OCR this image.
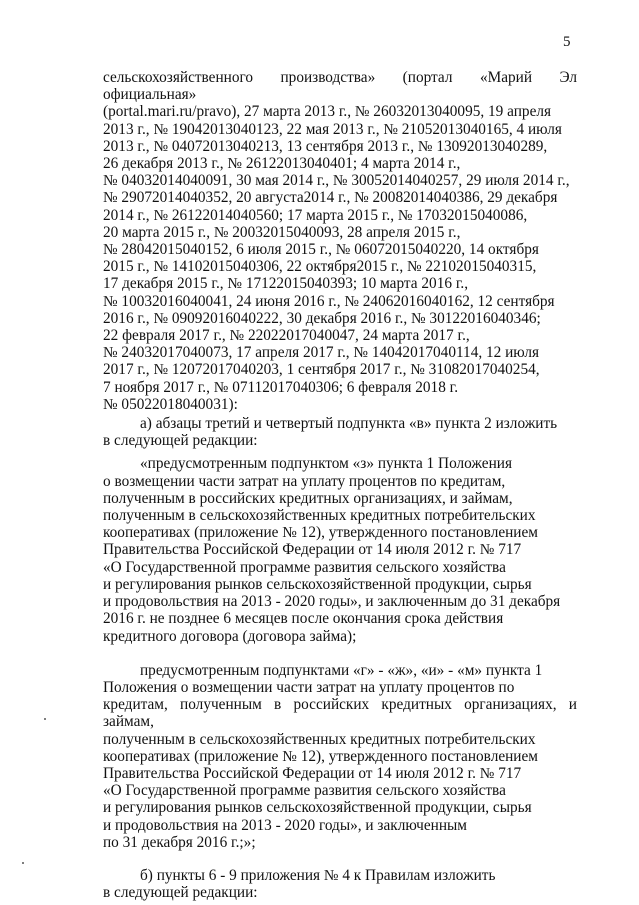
5

сельскохозяйственного производства» (портал «Марий Эл официальная»
(portal.mari.ru/pravo), 27 марта 2013 г., № 26032013040095, 19 апреля
2013 г., № 19042013040123, 22 мая 2013 г., № 21052013040165, 4 июля
2013 г., № 04072013040213, 13 сентября 2013 г., № 13092013040289,
26 декабря 2013 г., № 26122013040401; 4 марта 2014 г.,
№ 04032014040091, 30 мая 2014 г., № 30052014040257, 29 июля 2014 г.,
№ 29072014040352, 20 августа2014 г., № 20082014040386, 29 декабря
2014 г., № 26122014040560; 17 марта 2015 г., № 17032015040086,
20 марта 2015 г., № 20032015040093, 28 апреля 2015 г.,
№ 28042015040152, 6 июля 2015 г., № 06072015040220, 14 октября
2015 г., № 14102015040306, 22 октября2015 г., № 22102015040315,
17 декабря 2015 г., № 17122015040393; 10 марта 2016 г.,
№ 10032016040041, 24 июня 2016 г., № 24062016040162, 12 сентября
2016 г., № 09092016040222, 30 декабря 2016 г., № 30122016040346;
22 февраля 2017 г., № 22022017040047, 24 марта 2017 г.,
№ 24032017040073, 17 апреля 2017 г., № 14042017040114, 12 июля
2017 г., № 12072017040203, 1 сентября 2017 г., № 31082017040254,
7 ноября 2017 г., № 07112017040306; 6 февраля 2018 г.
№ 05022018040031):

а) абзацы третий и четвертый подпункта «в» пункта 2 изложить
в следующей редакции:

«предусмотренным подпунктом «з» пункта 1 Положения
о возмещении части затрат на уплату процентов по кредитам,
полученным в российских кредитных организациях, и займам,
полученным в сельскохозяйственных кредитных потребительских
кооперативах (приложение № 12), утвержденного постановлением
Правительства Российской Федерации от 14 июля 2012 г. № 717
«О Государственной программе развития сельского хозяйства
и регулирования рынков сельскохозяйственной продукции, сырья
и продовольствия на 2013 - 2020 годы», и заключенным до 31 декабря
2016 г. не позднее 6 месяцев после окончания срока действия
кредитного договора (договора займа);

предусмотренным подпунктами «г» - «ж», «и» - «м» пункта 1
Положения о возмещении части затрат на уплату процентов по
кредитам, полученным в российских кредитных организациях, и займам,
полученным в сельскохозяйственных кредитных потребительских
кооперативах (приложение № 12), утвержденного постановлением
Правительства Российской Федерации от 14 июля 2012 г. № 717
«О Государственной программе развития сельского хозяйства
и регулирования рынков сельскохозяйственной продукции, сырья
и продовольствия на 2013 - 2020 годы», и заключенным
по 31 декабря 2016 г.;»;

б) пункты 6 - 9 приложения № 4 к Правилам изложить
в следующей редакции:
